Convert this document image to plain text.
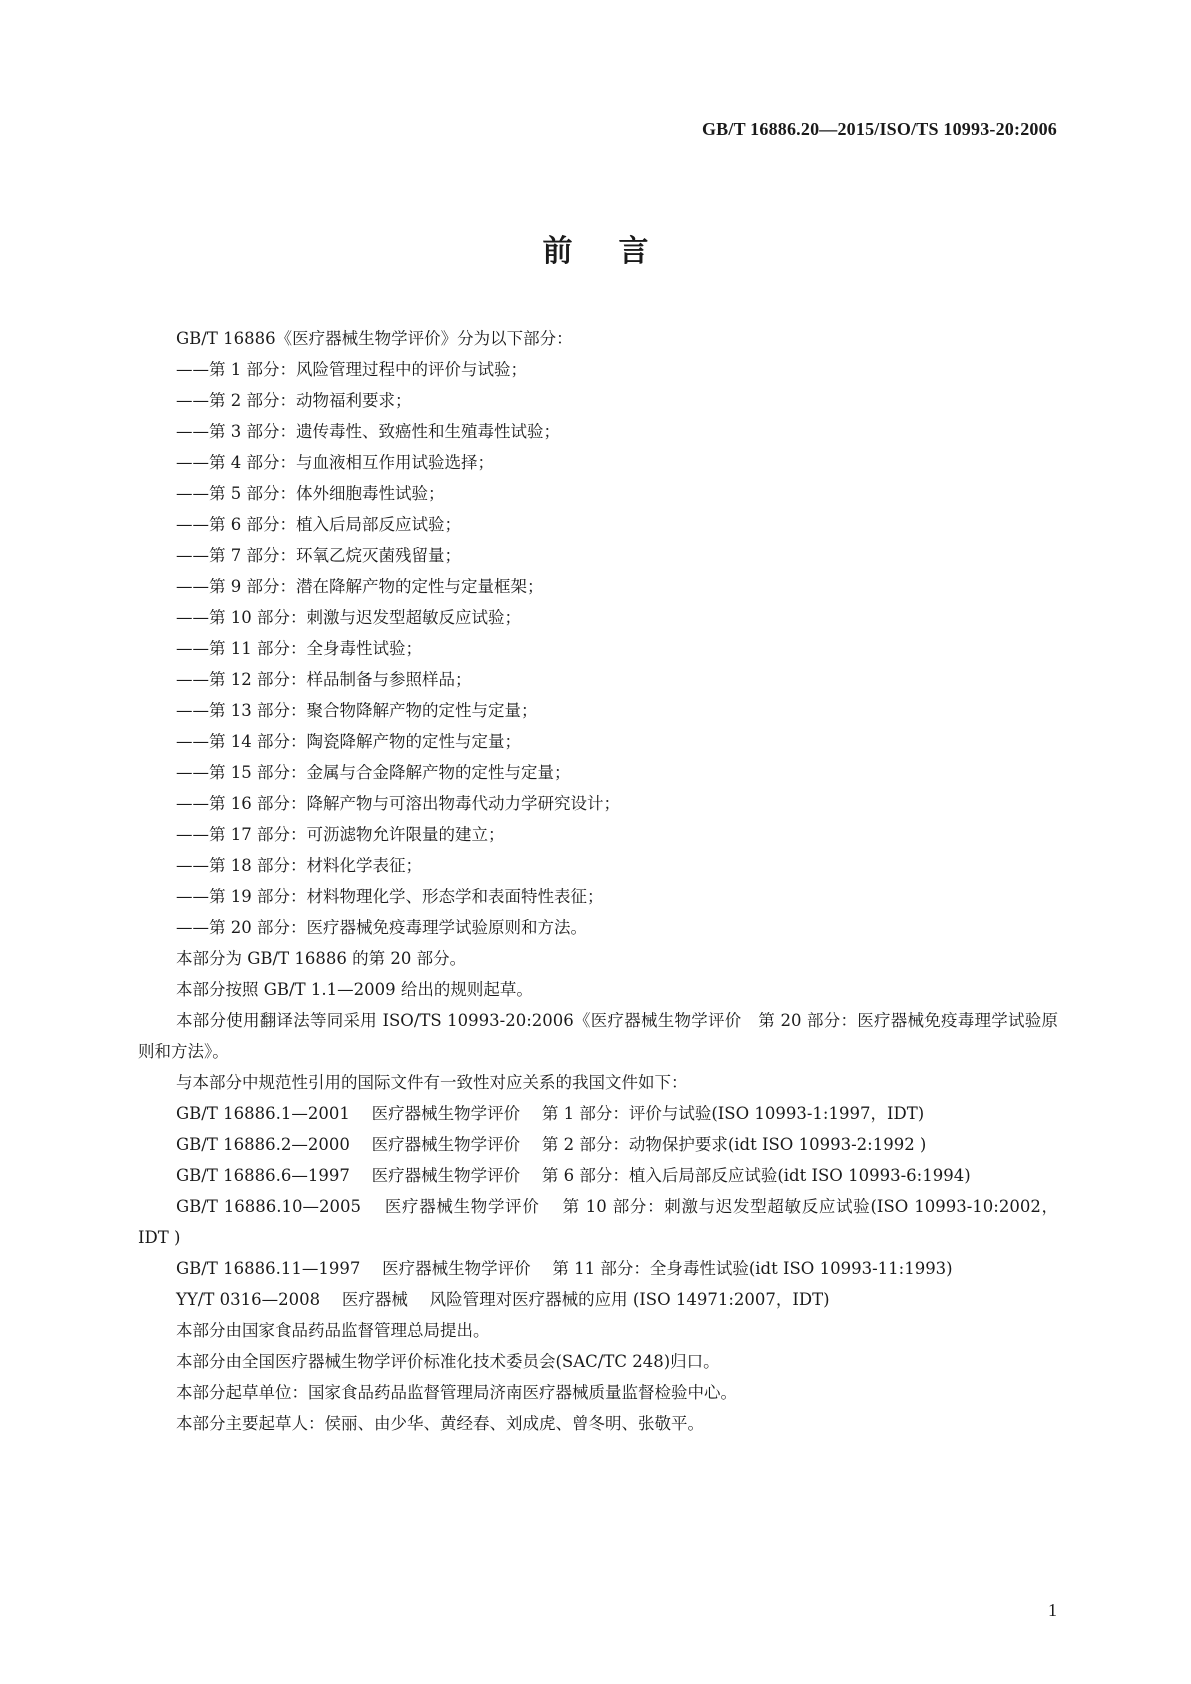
GB/T 16886.20—2015/ISO/TS 10993-20:2006
前言

GB/T 16886《医疗器械生物学评价》分为以下部分：

——第 1 部分：风险管理过程中的评价与试验；

——第 2 部分：动物福利要求；

——第 3 部分：遗传毒性、致癌性和生殖毒性试验；

——第 4 部分：与血液相互作用试验选择；

——第 5 部分：体外细胞毒性试验；

——第 6 部分：植入后局部反应试验；

——第 7 部分：环氧乙烷灭菌残留量；

——第 9 部分：潜在降解产物的定性与定量框架；

——第 10 部分：刺激与迟发型超敏反应试验；

——第 11 部分：全身毒性试验；

——第 12 部分：样品制备与参照样品；

——第 13 部分：聚合物降解产物的定性与定量；

——第 14 部分：陶瓷降解产物的定性与定量；

——第 15 部分：金属与合金降解产物的定性与定量；

——第 16 部分：降解产物与可溶出物毒代动力学研究设计；

——第 17 部分：可沥滤物允许限量的建立；

——第 18 部分：材料化学表征；

——第 19 部分：材料物理化学、形态学和表面特性表征；

——第 20 部分：医疗器械免疫毒理学试验原则和方法。

本部分为 GB/T 16886 的第 20 部分。

本部分按照 GB/T 1.1—2009 给出的规则起草。

本部分使用翻译法等同采用 ISO/TS 10993-20:2006《医疗器械生物学评价　第 20 部分：医疗器械免疫毒理学试验原则和方法》。

与本部分中规范性引用的国际文件有一致性对应关系的我国文件如下：

GB/T 16886.1—2001　 医疗器械生物学评价　 第 1 部分：评价与试验(ISO 10993-1:1997，IDT)

GB/T 16886.2—2000　 医疗器械生物学评价　 第 2 部分：动物保护要求(idt ISO 10993-2:1992 )

GB/T 16886.6—1997　 医疗器械生物学评价　 第 6 部分：植入后局部反应试验(idt ISO 10993-6:1994)

GB/T 16886.10—2005　 医疗器械生物学评价　 第 10 部分：刺激与迟发型超敏反应试验(ISO 10993-10:2002，IDT )

GB/T 16886.11—1997　 医疗器械生物学评价　 第 11 部分：全身毒性试验(idt ISO 10993-11:1993)

YY/T 0316—2008　 医疗器械　 风险管理对医疗器械的应用 (ISO 14971:2007，IDT)

本部分由国家食品药品监督管理总局提出。

本部分由全国医疗器械生物学评价标准化技术委员会(SAC/TC 248)归口。

本部分起草单位：国家食品药品监督管理局济南医疗器械质量监督检验中心。

本部分主要起草人：侯丽、由少华、黄经春、刘成虎、曾冬明、张敬平。

1
